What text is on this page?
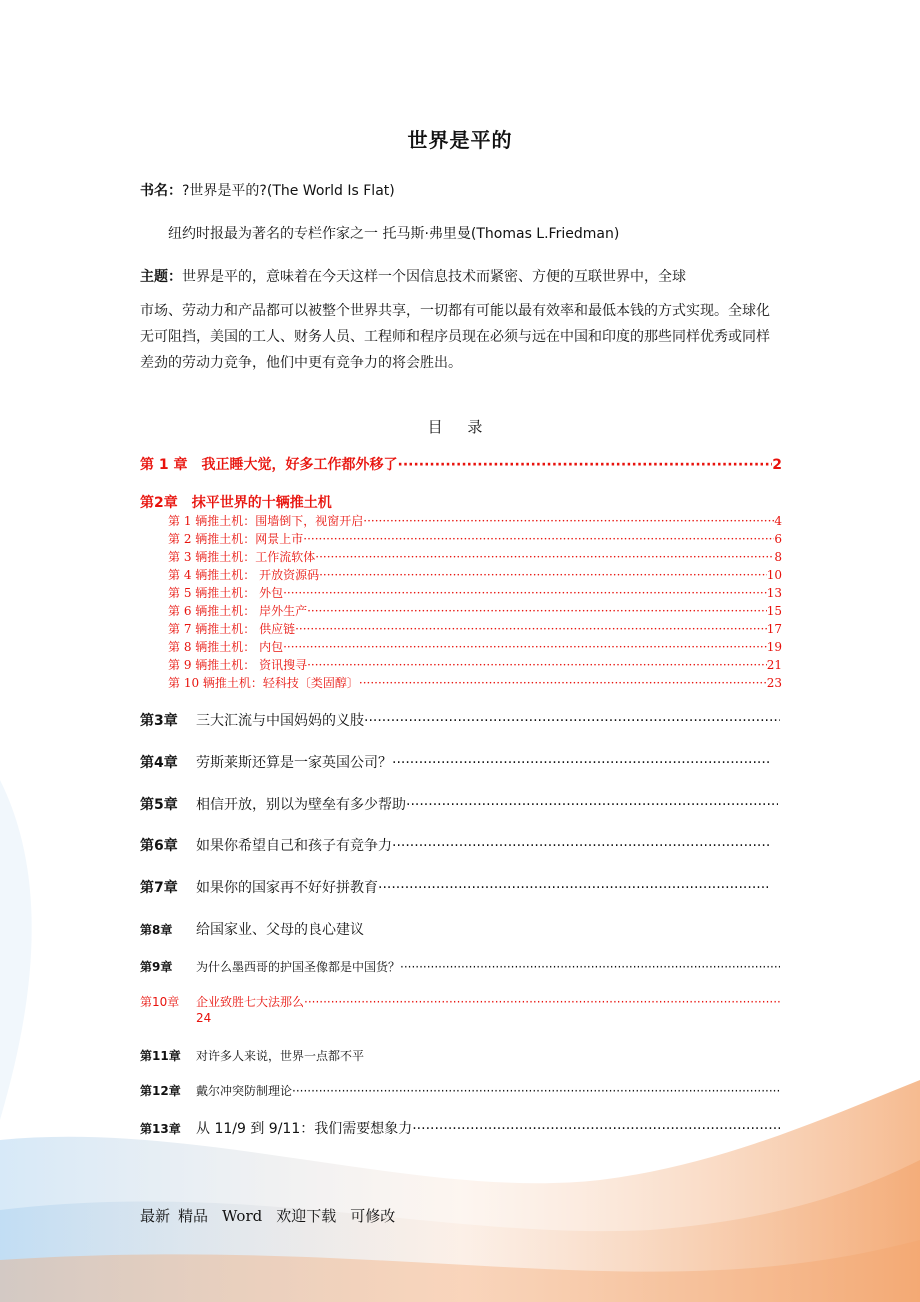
世界是平的
书名：?世界是平的?(The World Is Flat)
纽约时报最为著名的专栏作家之一 托马斯·弗里曼(Thomas L.Friedman)
主题：世界是平的，意味着在今天这样一个因信息技术而紧密、方便的互联世界中，全球
市场、劳动力和产品都可以被整个世界共享，一切都有可能以最有效率和最低本钱的方式实现。全球化无可阻挡，美国的工人、财务人员、工程师和程序员现在必须与远在中国和印度的那些同样优秀或同样差劲的劳动力竞争，他们中更有竞争力的将会胜出。
目 录
第 1 章 我正睡大觉，好多工作都外移了 ·····	2
第2章 抹平世界的十辆推土机
第 1 辆推土机：围墙倒下，视窗开启 ·····	4
第 2 辆推土机：网景上市 ·····	6
第 3 辆推土机：工作流软体 ·····	8
第 4 辆推土机： 开放资源码 ·····	10
第 5 辆推土机： 外包 ·····	13
第 6 辆推土机： 岸外生产 ·····	15
第 7 辆推土机： 供应链 ·····	17
第 8 辆推土机： 内包 ·····	19
第 9 辆推土机： 资讯搜寻 ·····	21
第 10 辆推土机：轻科技〔类固醇〕 ·····	23
第3章	三大汇流与中国妈妈的义肢
·····
第4章	劳斯莱斯还算是一家英国公司？
·····
第5章	相信开放，别以为壁垒有多少帮助
·····
第6章	如果你希望自己和孩子有竞争力
·····
第7章	如果你的国家再不好好拼教育
·····
第8章	给国家业、父母的良心建议
第9章	为什么墨西哥的护国圣像都是中国货？
·····
第10章	企业致胜七大法那么
·····
24
第11章	对许多人来说，世界一点都不平
第12章	戴尔冲突防制理论
·····
第13章	从 11/9 到 9/11：我们需要想象力
·····
最新 精品 Word 欢迎下载 可修改
